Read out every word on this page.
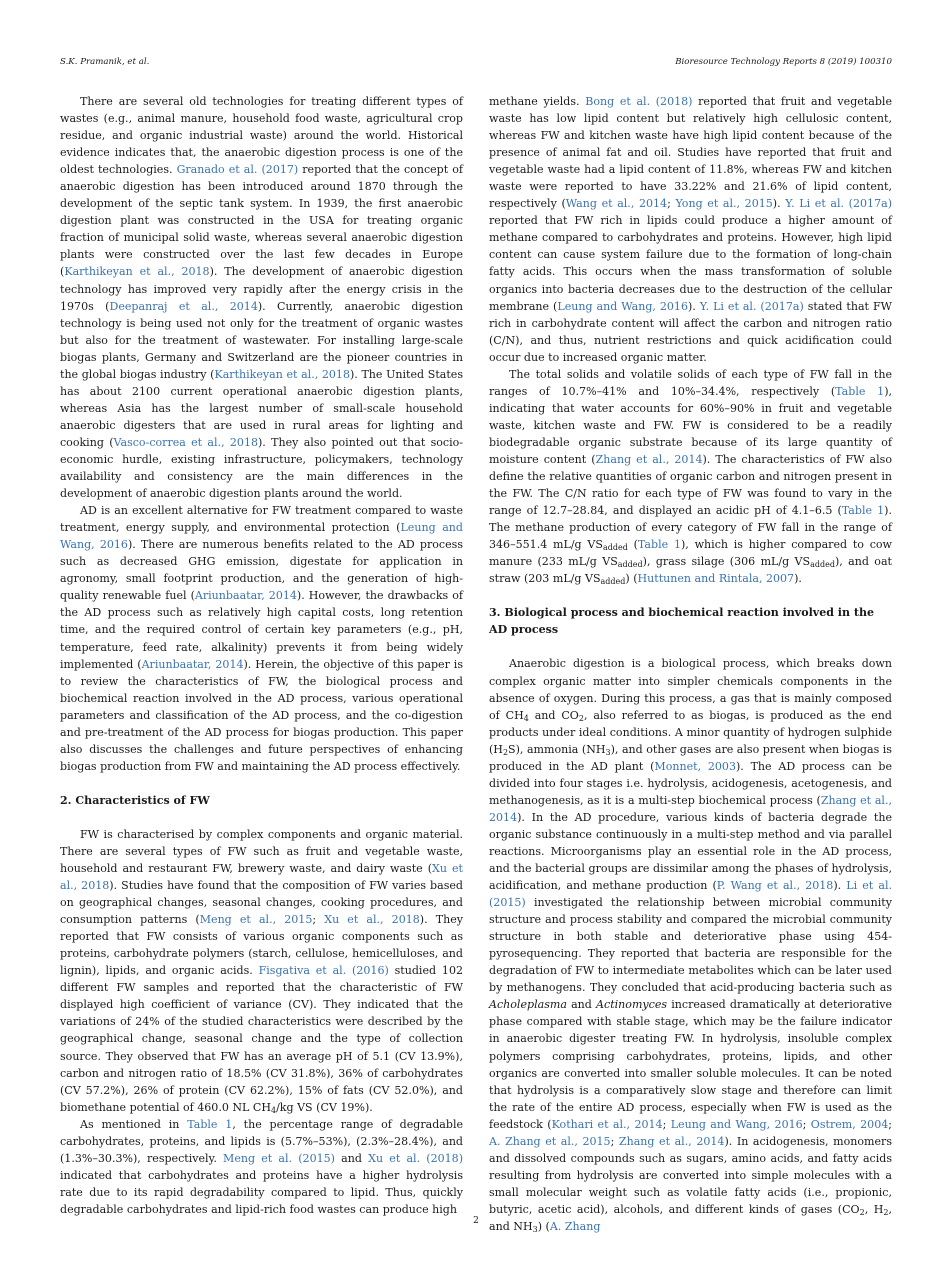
S.K. Pramanik, et al.	Bioresource Technology Reports 8 (2019) 100310

There are several old technologies for treating different types of wastes (e.g., animal manure, household food waste, agricultural crop residue, and organic industrial waste) around the world. Historical evidence indicates that, the anaerobic digestion process is one of the oldest technologies. Granado et al. (2017) reported that the concept of anaerobic digestion has been introduced around 1870 through the development of the septic tank system. In 1939, the first anaerobic digestion plant was constructed in the USA for treating organic fraction of municipal solid waste, whereas several anaerobic digestion plants were constructed over the last few decades in Europe (Karthikeyan et al., 2018). The development of anaerobic digestion technology has improved very rapidly after the energy crisis in the 1970s (Deepanraj et al., 2014). Currently, anaerobic digestion technology is being used not only for the treatment of organic wastes but also for the treatment of wastewater. For installing large-scale biogas plants, Germany and Switzerland are the pioneer countries in the global biogas industry (Karthikeyan et al., 2018). The United States has about 2100 current operational anaerobic digestion plants, whereas Asia has the largest number of small-scale household anaerobic digesters that are used in rural areas for lighting and cooking (Vasco-correa et al., 2018). They also pointed out that socio-economic hurdle, existing infrastructure, policymakers, technology availability and consistency are the main differences in the development of anaerobic digestion plants around the world.

AD is an excellent alternative for FW treatment compared to waste treatment, energy supply, and environmental protection (Leung and Wang, 2016). There are numerous benefits related to the AD process such as decreased GHG emission, digestate for application in agronomy, small footprint production, and the generation of high-quality renewable fuel (Ariunbaatar, 2014). However, the drawbacks of the AD process such as relatively high capital costs, long retention time, and the required control of certain key parameters (e.g., pH, temperature, feed rate, alkalinity) prevents it from being widely implemented (Ariunbaatar, 2014). Herein, the objective of this paper is to review the characteristics of FW, the biological process and biochemical reaction involved in the AD process, various operational parameters and classification of the AD process, and the co-digestion and pre-treatment of the AD process for biogas production. This paper also discusses the challenges and future perspectives of enhancing biogas production from FW and maintaining the AD process effectively.

2. Characteristics of FW

FW is characterised by complex components and organic material. There are several types of FW such as fruit and vegetable waste, household and restaurant FW, brewery waste, and dairy waste (Xu et al., 2018). Studies have found that the composition of FW varies based on geographical changes, seasonal changes, cooking procedures, and consumption patterns (Meng et al., 2015; Xu et al., 2018). They reported that FW consists of various organic components such as proteins, carbohydrate polymers (starch, cellulose, hemicelluloses, and lignin), lipids, and organic acids. Fisgativa et al. (2016) studied 102 different FW samples and reported that the characteristic of FW displayed high coefficient of variance (CV). They indicated that the variations of 24% of the studied characteristics were described by the geographical change, seasonal change and the type of collection source. They observed that FW has an average pH of 5.1 (CV 13.9%), carbon and nitrogen ratio of 18.5% (CV 31.8%), 36% of carbohydrates (CV 57.2%), 26% of protein (CV 62.2%), 15% of fats (CV 52.0%), and biomethane potential of 460.0 NL $CH_4/kg$ VS (CV 19%).

As mentioned in Table 1, the percentage range of degradable carbohydrates, proteins, and lipids is (5.7%–53%), (2.3%–28.4%), and (1.3%–30.3%), respectively. Meng et al. (2015) and Xu et al. (2018) indicated that carbohydrates and proteins have a higher hydrolysis rate due to its rapid degradability compared to lipid. Thus, quickly degradable carbohydrates and lipid-rich food wastes can produce high

methane yields. Bong et al. (2018) reported that fruit and vegetable waste has low lipid content but relatively high cellulosic content, whereas FW and kitchen waste have high lipid content because of the presence of animal fat and oil. Studies have reported that fruit and vegetable waste had a lipid content of 11.8%, whereas FW and kitchen waste were reported to have 33.22% and 21.6% of lipid content, respectively (Wang et al., 2014; Yong et al., 2015). Y. Li et al. (2017a) reported that FW rich in lipids could produce a higher amount of methane compared to carbohydrates and proteins. However, high lipid content can cause system failure due to the formation of long-chain fatty acids. This occurs when the mass transformation of soluble organics into bacteria decreases due to the destruction of the cellular membrane (Leung and Wang, 2016). Y. Li et al. (2017a) stated that FW rich in carbohydrate content will affect the carbon and nitrogen ratio (C/N), and thus, nutrient restrictions and quick acidification could occur due to increased organic matter.

The total solids and volatile solids of each type of FW fall in the ranges of 10.7%–41% and 10%–34.4%, respectively (Table 1), indicating that water accounts for 60%–90% in fruit and vegetable waste, kitchen waste and FW. FW is considered to be a readily biodegradable organic substrate because of its large quantity of moisture content (Zhang et al., 2014). The characteristics of FW also define the relative quantities of organic carbon and nitrogen present in the FW. The C/N ratio for each type of FW was found to vary in the range of 12.7–28.84, and displayed an acidic pH of 4.1–6.5 (Table 1). The methane production of every category of FW fall in the range of 346–551.4 mL/g $VS_{added}$ (Table 1), which is higher compared to cow manure (233 mL/g $VS_{added}$), grass silage (306 mL/g $VS_{added}$), and oat straw (203 mL/g $VS_{added}$) (Huttunen and Rintala, 2007).

3. Biological process and biochemical reaction involved in the AD process

Anaerobic digestion is a biological process, which breaks down complex organic matter into simpler chemicals components in the absence of oxygen. During this process, a gas that is mainly composed of $CH_4$ and $CO_2$, also referred to as biogas, is produced as the end products under ideal conditions. A minor quantity of hydrogen sulphide $(H_2S)$, ammonia $(NH_3)$, and other gases are also present when biogas is produced in the AD plant (Monnet, 2003). The AD process can be divided into four stages i.e. hydrolysis, acidogenesis, acetogenesis, and methanogenesis, as it is a multi-step biochemical process (Zhang et al., 2014). In the AD procedure, various kinds of bacteria degrade the organic substance continuously in a multi-step method and via parallel reactions. Microorganisms play an essential role in the AD process, and the bacterial groups are dissimilar among the phases of hydrolysis, acidification, and methane production (P. Wang et al., 2018). Li et al. (2015) investigated the relationship between microbial community structure and process stability and compared the microbial community structure in both stable and deteriorative phase using 454-pyrosequencing. They reported that bacteria are responsible for the degradation of FW to intermediate metabolites which can be later used by methanogens. They concluded that acid-producing bacteria such as Acholeplasma and Actinomyces increased dramatically at deteriorative phase compared with stable stage, which may be the failure indicator in anaerobic digester treating FW. In hydrolysis, insoluble complex polymers comprising carbohydrates, proteins, lipids, and other organics are converted into smaller soluble molecules. It can be noted that hydrolysis is a comparatively slow stage and therefore can limit the rate of the entire AD process, especially when FW is used as the feedstock (Kothari et al., 2014; Leung and Wang, 2016; Ostrem, 2004; A. Zhang et al., 2015; Zhang et al., 2014). In acidogenesis, monomers and dissolved compounds such as sugars, amino acids, and fatty acids resulting from hydrolysis are converted into simple molecules with a small molecular weight such as volatile fatty acids (i.e., propionic, butyric, acetic acid), alcohols, and different kinds of gases ($CO_2$, $H_2$, and $NH_3$) (A. Zhang

2
